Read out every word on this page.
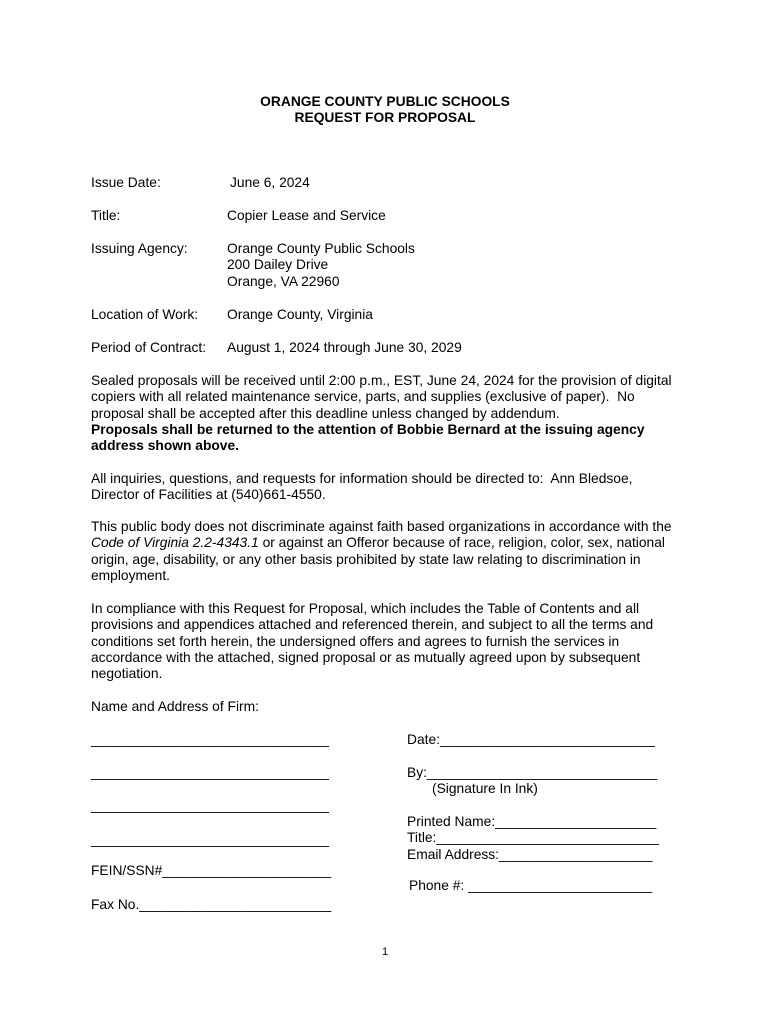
ORANGE COUNTY PUBLIC SCHOOLS
REQUEST FOR PROPOSAL
Issue Date:	June 6, 2024
Title:	Copier Lease and Service
Issuing Agency:	Orange County Public Schools
200 Dailey Drive
Orange, VA 22960
Location of Work: Orange County, Virginia
Period of Contract: August 1, 2024 through June 30, 2029
Sealed proposals will be received until 2:00 p.m., EST, June 24, 2024 for the provision of digital
copiers with all related maintenance service, parts, and supplies (exclusive of paper).  No
proposal shall be accepted after this deadline unless changed by addendum.
Proposals shall be returned to the attention of Bobbie Bernard at the issuing agency
address shown above.
All inquiries, questions, and requests for information should be directed to:  Ann Bledsoe,
Director of Facilities at (540)661-4550.
This public body does not discriminate against faith based organizations in accordance with the
Code of Virginia 2.2-4343.1 or against an Offeror because of race, religion, color, sex, national
origin, age, disability, or any other basis prohibited by state law relating to discrimination in
employment.
In compliance with this Request for Proposal, which includes the Table of Contents and all
provisions and appendices attached and referenced therein, and subject to all the terms and
conditions set forth herein, the undersigned offers and agrees to furnish the services in
accordance with the attached, signed proposal or as mutually agreed upon by subsequent
negotiation.
Name and Address of Firm:
_______________________________
_______________________________
_______________________________
_______________________________
FEIN/SSN#______________________
Fax No._________________________
Date:____________________________
By:______________________________
(Signature In Ink)
Printed Name:_____________________
Title:_____________________________
Email Address:____________________
Phone #: ________________________
1
